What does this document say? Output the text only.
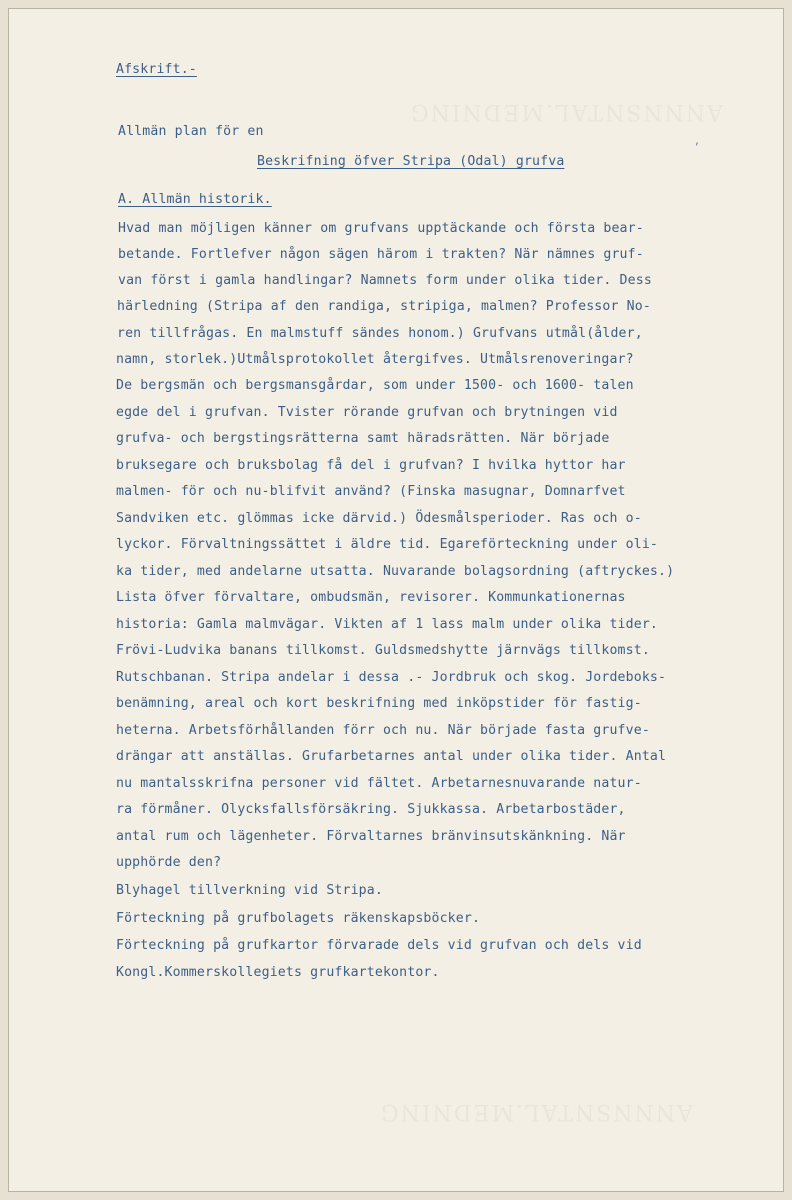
ANNNSNTAL.MEDNING
ANNNSNTAL.MEDNING
Afskrift.-
Allmän plan för en
,
Beskrifning öfver Stripa (Odal) grufva
A. Allmän historik.
Hvad man möjligen känner om grufvans upptäckande och första bear-
betande. Fortlefver någon sägen härom i trakten? När nämnes gruf-
van först i gamla handlingar? Namnets form under olika tider. Dess
härledning (Stripa af den randiga, stripiga, malmen? Professor No-
ren tillfrågas. En malmstuff sändes honom.) Grufvans utmål(ålder,
namn, storlek.)Utmålsprotokollet återgifves. Utmålsrenoveringar?
De bergsmän och bergsmansgårdar, som under 1500- och 1600- talen
egde del i grufvan. Tvister rörande grufvan och brytningen vid
grufva- och bergstingsrätterna samt häradsrätten. När började
bruksegare och bruksbolag få del i grufvan? I hvilka hyttor har
malmen- för och nu-blifvit använd? (Finska masugnar, Domnarfvet
Sandviken etc. glömmas icke därvid.) Ödesmålsperioder. Ras och o-
lyckor. Förvaltningssättet i äldre tid. Egareförteckning under oli-
ka tider, med andelarne utsatta. Nuvarande bolagsordning (aftryckes.)
Lista öfver förvaltare, ombudsmän, revisorer. Kommunkationernas
historia: Gamla malmvägar. Vikten af 1 lass malm under olika tider.
Frövi-Ludvika banans tillkomst. Guldsmedshytte järnvägs tillkomst.
Rutschbanan. Stripa andelar i dessa .- Jordbruk och skog. Jordeboks-
benämning, areal och kort beskrifning med inköpstider för fastig-
heterna. Arbetsförhållanden förr och nu. När började fasta grufve-
drängar att anställas. Grufarbetarnes antal under olika tider. Antal
nu mantalsskrifna personer vid fältet. Arbetarnesnuvarande natur-
ra förmåner. Olycksfallsförsäkring. Sjukkassa. Arbetarbostäder,
antal rum och lägenheter. Förvaltarnes bränvinsutskänkning. När
upphörde den?
Blyhagel tillverkning vid Stripa.
Förteckning på grufbolagets räkenskapsböcker.
Förteckning på grufkartor förvarade dels vid grufvan och dels vid
Kongl.Kommerskollegiets grufkartekontor.
